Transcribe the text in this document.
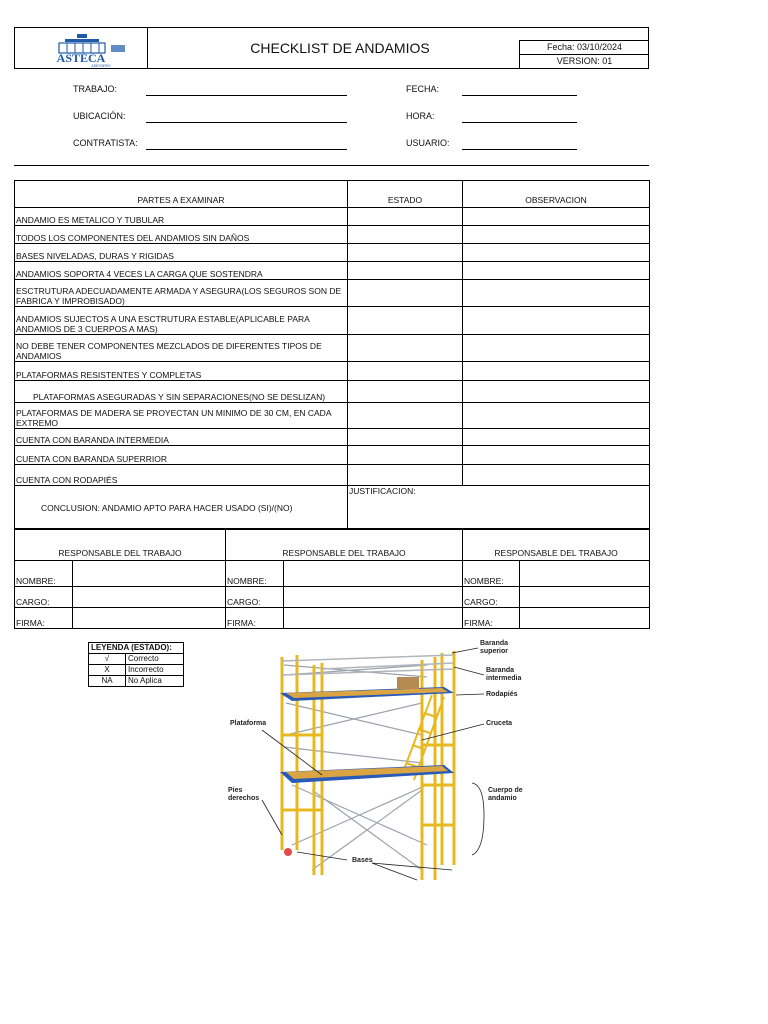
ASTECA
ASESORES
CHECKLIST DE ANDAMIOS	Fecha: 03/10/2024
VERSION: 01
TRABAJO:
UBICACIÓN:
CONTRATISTA:
FECHA:
HORA:
USUARIO:
PARTES A EXAMINAR	ESTADO	OBSERVACION
ANDAMIO ES METALICO Y TUBULAR		
TODOS LOS COMPONENTES DEL ANDAMIOS SIN DAÑOS		
BASES NIVELADAS, DURAS Y RIGIDAS		
ANDAMIOS SOPORTA 4 VECES LA CARGA QUE SOSTENDRA		
ESCTRUTURA ADECUADAMENTE ARMADA Y ASEGURA(LOS SEGUROS SON DE FABRICA Y IMPROBISADO)		
ANDAMIOS SUJECTOS A UNA ESCTRUTURA ESTABLE(APLICABLE PARA ANDAMIOS DE 3 CUERPOS A MAS)		
NO DEBE TENER COMPONENTES MEZCLADOS DE DIFERENTES TIPOS DE ANDAMIOS		
PLATAFORMAS RESISTENTES Y COMPLETAS		
PLATAFORMAS ASEGURADAS Y SIN SEPARACIONES(NO SE DESLIZAN)		
PLATAFORMAS DE MADERA SE PROYECTAN UN MINIMO DE 30 CM, EN CADA EXTREMO		
CUENTA CON BARANDA INTERMEDIA		
CUENTA CON BARANDA SUPERRIOR		
CUENTA CON RODAPIÉS		
CONCLUSION: ANDAMIO APTO PARA HACER USADO (SI)/(NO)	JUSTIFICACION:	
RESPONSABLE DEL TRABAJO		RESPONSABLE DEL TRABAJO		RESPONSABLE DEL TRABAJO	
NOMBRE:		NOMBRE:		NOMBRE:	
CARGO:		CARGO:		CARGO:	
FIRMA:		FIRMA:		FIRMA:	
LEYENDA (ESTADO):	
√	Correcto
X	Incorrecto
NA	No Aplica
Baranda superior
Baranda intermedia
Rodapiés
Cruceta
Plataforma
Cuerpo de andamio
Pies derechos
Bases
